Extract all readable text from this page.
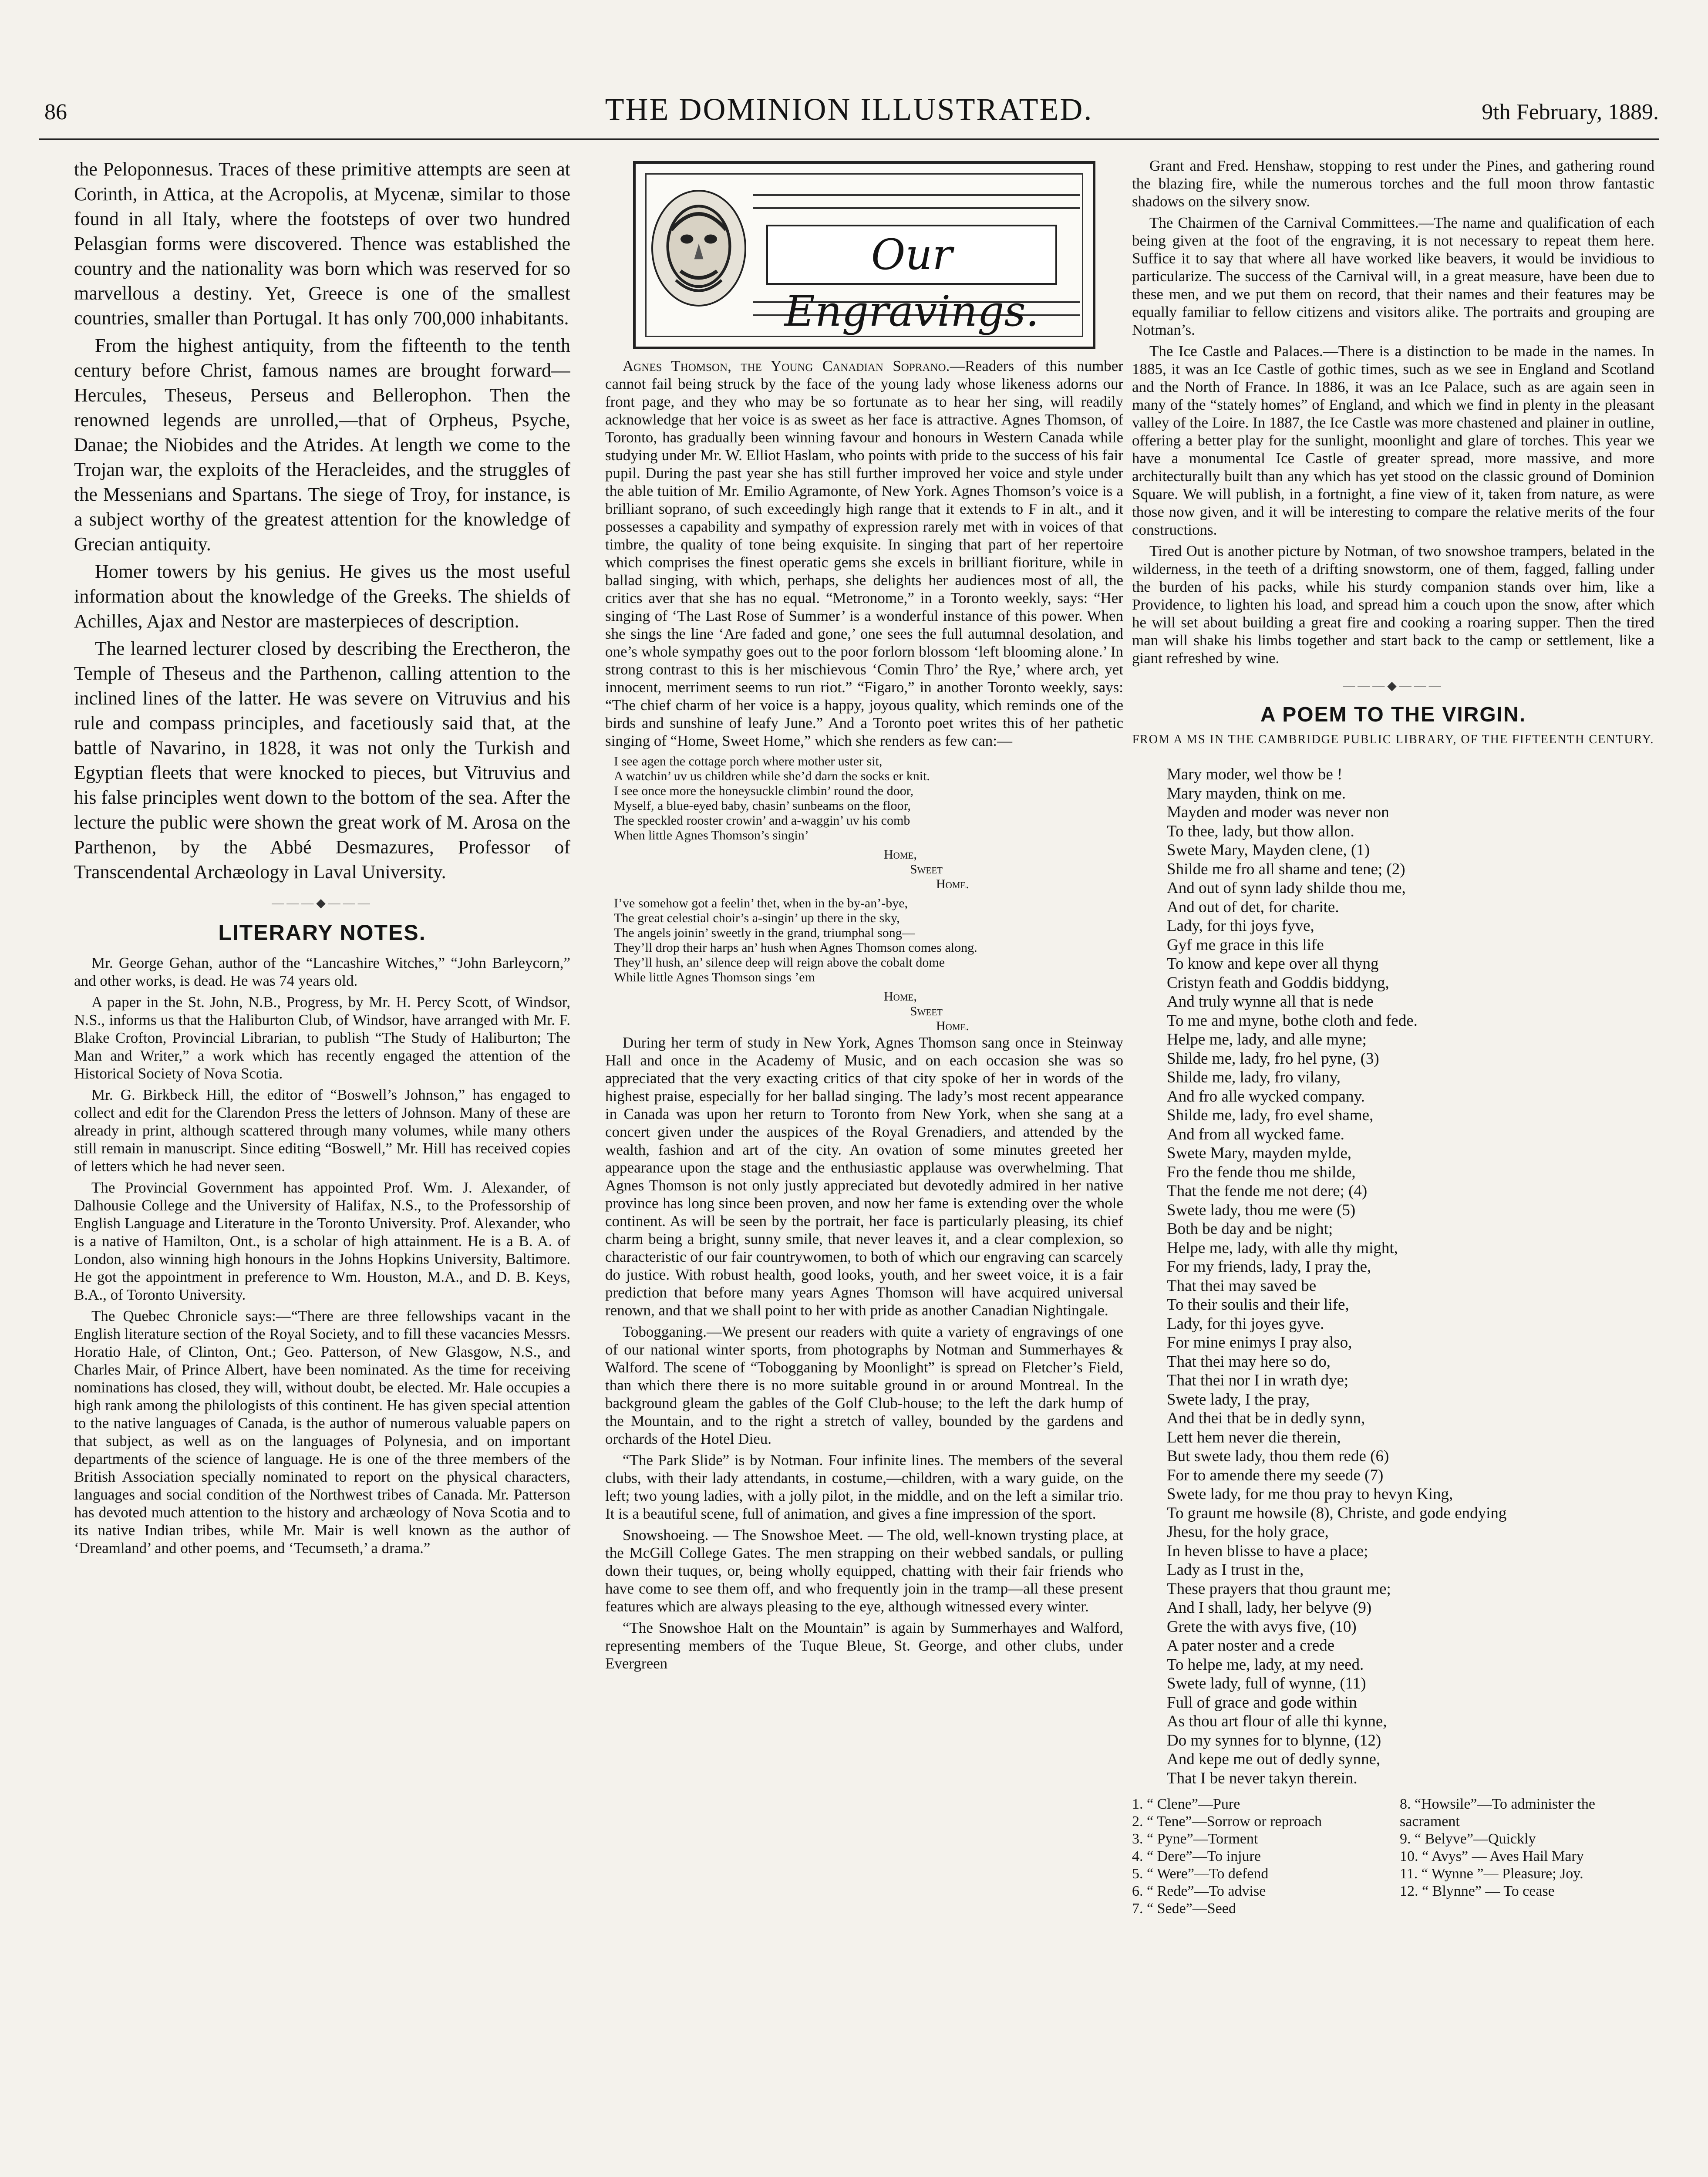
86	THE DOMINION ILLUSTRATED.	9th February, 1889.

the Peloponnesus. Traces of these primitive attempts are seen at Corinth, in Attica, at the Acropolis, at Mycenæ, similar to those found in all Italy, where the footsteps of over two hundred Pelasgian forms were discovered. Thence was established the country and the nationality was born which was reserved for so marvellous a destiny. Yet, Greece is one of the smallest countries, smaller than Portugal. It has only 700,000 inhabitants.

From the highest antiquity, from the fifteenth to the tenth century before Christ, famous names are brought forward—Hercules, Theseus, Perseus and Bellerophon. Then the renowned legends are unrolled,—that of Orpheus, Psyche, Danae; the Niobides and the Atrides. At length we come to the Trojan war, the exploits of the Heracleides, and the struggles of the Messenians and Spartans. The siege of Troy, for instance, is a subject worthy of the greatest attention for the knowledge of Grecian antiquity.

Homer towers by his genius. He gives us the most useful information about the knowledge of the Greeks. The shields of Achilles, Ajax and Nestor are masterpieces of description.

The learned lecturer closed by describing the Erectheron, the Temple of Theseus and the Parthenon, calling attention to the inclined lines of the latter. He was severe on Vitruvius and his rule and compass principles, and facetiously said that, at the battle of Navarino, in 1828, it was not only the Turkish and Egyptian fleets that were knocked to pieces, but Vitruvius and his false principles went down to the bottom of the sea. After the lecture the public were shown the great work of M. Arosa on the Parthenon, by the Abbé Desmazures, Professor of Transcendental Archæology in Laval University.

———◆———
LITERARY NOTES.

Mr. George Gehan, author of the “Lancashire Witches,” “John Barleycorn,” and other works, is dead. He was 74 years old.

A paper in the St. John, N.B., Progress, by Mr. H. Percy Scott, of Windsor, N.S., informs us that the Haliburton Club, of Windsor, have arranged with Mr. F. Blake Crofton, Provincial Librarian, to publish “The Study of Haliburton; The Man and Writer,” a work which has recently engaged the attention of the Historical Society of Nova Scotia.

Mr. G. Birkbeck Hill, the editor of “Boswell’s Johnson,” has engaged to collect and edit for the Clarendon Press the letters of Johnson. Many of these are already in print, although scattered through many volumes, while many others still remain in manuscript. Since editing “Boswell,” Mr. Hill has received copies of letters which he had never seen.

The Provincial Government has appointed Prof. Wm. J. Alexander, of Dalhousie College and the University of Halifax, N.S., to the Professorship of English Language and Literature in the Toronto University. Prof. Alexander, who is a native of Hamilton, Ont., is a scholar of high attainment. He is a B. A. of London, also winning high honours in the Johns Hopkins University, Baltimore. He got the appointment in preference to Wm. Houston, M.A., and D. B. Keys, B.A., of Toronto University.

The Quebec Chronicle says:—“There are three fellowships vacant in the English literature section of the Royal Society, and to fill these vacancies Messrs. Horatio Hale, of Clinton, Ont.; Geo. Patterson, of New Glasgow, N.S., and Charles Mair, of Prince Albert, have been nominated. As the time for receiving nominations has closed, they will, without doubt, be elected. Mr. Hale occupies a high rank among the philologists of this continent. He has given special attention to the native languages of Canada, is the author of numerous valuable papers on that subject, as well as on the languages of Polynesia, and on important departments of the science of language. He is one of the three members of the British Association specially nominated to report on the physical characters, languages and social condition of the Northwest tribes of Canada. Mr. Patterson has devoted much attention to the history and archæology of Nova Scotia and to its native Indian tribes, while Mr. Mair is well known as the author of ‘Dreamland’ and other poems, and ‘Tecumseth,’ a drama.”

Our Engravings.

Agnes Thomson, the Young Canadian Soprano.—Readers of this number cannot fail being struck by the face of the young lady whose likeness adorns our front page, and they who may be so fortunate as to hear her sing, will readily acknowledge that her voice is as sweet as her face is attractive. Agnes Thomson, of Toronto, has gradually been winning favour and honours in Western Canada while studying under Mr. W. Elliot Haslam, who points with pride to the success of his fair pupil. During the past year she has still further improved her voice and style under the able tuition of Mr. Emilio Agramonte, of New York. Agnes Thomson’s voice is a brilliant soprano, of such exceedingly high range that it extends to F in alt., and it possesses a capability and sympathy of expression rarely met with in voices of that timbre, the quality of tone being exquisite. In singing that part of her repertoire which comprises the finest operatic gems she excels in brilliant fioriture, while in ballad singing, with which, perhaps, she delights her audiences most of all, the critics aver that she has no equal. “Metronome,” in a Toronto weekly, says: “Her singing of ‘The Last Rose of Summer’ is a wonderful instance of this power. When she sings the line ‘Are faded and gone,’ one sees the full autumnal desolation, and one’s whole sympathy goes out to the poor forlorn blossom ‘left blooming alone.’ In strong contrast to this is her mischievous ‘Comin Thro’ the Rye,’ where arch, yet innocent, merriment seems to run riot.” “Figaro,” in another Toronto weekly, says: “The chief charm of her voice is a happy, joyous quality, which reminds one of the birds and sunshine of leafy June.” And a Toronto poet writes this of her pathetic singing of “Home, Sweet Home,” which she renders as few can:—

I see agen the cottage porch where mother uster sit,
A watchin’ uv us children while she’d darn the socks er knit.
I see once more the honeysuckle climbin’ round the door,
Myself, a blue-eyed baby, chasin’ sunbeams on the floor,
The speckled rooster crowin’ and a-waggin’ uv his comb
When little Agnes Thomson’s singin’
Home,
Sweet
Home.
I’ve somehow got a feelin’ thet, when in the by-an’-bye,
The great celestial choir’s a-singin’ up there in the sky,
The angels joinin’ sweetly in the grand, triumphal song—
They’ll drop their harps an’ hush when Agnes Thomson comes along.
They’ll hush, an’ silence deep will reign above the cobalt dome
While little Agnes Thomson sings ’em
Home,
Sweet
Home.

During her term of study in New York, Agnes Thomson sang once in Steinway Hall and once in the Academy of Music, and on each occasion she was so appreciated that the very exacting critics of that city spoke of her in words of the highest praise, especially for her ballad singing. The lady’s most recent appearance in Canada was upon her return to Toronto from New York, when she sang at a concert given under the auspices of the Royal Grenadiers, and attended by the wealth, fashion and art of the city. An ovation of some minutes greeted her appearance upon the stage and the enthusiastic applause was overwhelming. That Agnes Thomson is not only justly appreciated but devotedly admired in her native province has long since been proven, and now her fame is extending over the whole continent. As will be seen by the portrait, her face is particularly pleasing, its chief charm being a bright, sunny smile, that never leaves it, and a clear complexion, so characteristic of our fair countrywomen, to both of which our engraving can scarcely do justice. With robust health, good looks, youth, and her sweet voice, it is a fair prediction that before many years Agnes Thomson will have acquired universal renown, and that we shall point to her with pride as another Canadian Nightingale.

Tobogganing.—We present our readers with quite a variety of engravings of one of our national winter sports, from photographs by Notman and Summerhayes & Walford. The scene of “Tobogganing by Moonlight” is spread on Fletcher’s Field, than which there there is no more suitable ground in or around Montreal. In the background gleam the gables of the Golf Club-house; to the left the dark hump of the Mountain, and to the right a stretch of valley, bounded by the gardens and orchards of the Hotel Dieu.

“The Park Slide” is by Notman. Four infinite lines. The members of the several clubs, with their lady attendants, in costume,—children, with a wary guide, on the left; two young ladies, with a jolly pilot, in the middle, and on the left a similar trio. It is a beautiful scene, full of animation, and gives a fine impression of the sport.

Snowshoeing. — The Snowshoe Meet. — The old, well-known trysting place, at the McGill College Gates. The men strapping on their webbed sandals, or pulling down their tuques, or, being wholly equipped, chatting with their fair friends who have come to see them off, and who frequently join in the tramp—all these present features which are always pleasing to the eye, although witnessed every winter.

“The Snowshoe Halt on the Mountain” is again by Summerhayes and Walford, representing members of the Tuque Bleue, St. George, and other clubs, under Evergreen

Grant and Fred. Henshaw, stopping to rest under the Pines, and gathering round the blazing fire, while the numerous torches and the full moon throw fantastic shadows on the silvery snow.

The Chairmen of the Carnival Committees.—The name and qualification of each being given at the foot of the engraving, it is not necessary to repeat them here. Suffice it to say that where all have worked like beavers, it would be invidious to particularize. The success of the Carnival will, in a great measure, have been due to these men, and we put them on record, that their names and their features may be equally familiar to fellow citizens and visitors alike. The portraits and grouping are Notman’s.

The Ice Castle and Palaces.—There is a distinction to be made in the names. In 1885, it was an Ice Castle of gothic times, such as we see in England and Scotland and the North of France. In 1886, it was an Ice Palace, such as are again seen in many of the “stately homes” of England, and which we find in plenty in the pleasant valley of the Loire. In 1887, the Ice Castle was more chastened and plainer in outline, offering a better play for the sunlight, moonlight and glare of torches. This year we have a monumental Ice Castle of greater spread, more massive, and more architecturally built than any which has yet stood on the classic ground of Dominion Square. We will publish, in a fortnight, a fine view of it, taken from nature, as were those now given, and it will be interesting to compare the relative merits of the four constructions.

Tired Out is another picture by Notman, of two snowshoe trampers, belated in the wilderness, in the teeth of a drifting snowstorm, one of them, fagged, falling under the burden of his packs, while his sturdy companion stands over him, like a Providence, to lighten his load, and spread him a couch upon the snow, after which he will set about building a great fire and cooking a roaring supper. Then the tired man will shake his limbs together and start back to the camp or settlement, like a giant refreshed by wine.

———◆———
A POEM TO THE VIRGIN.
FROM A MS IN THE CAMBRIDGE PUBLIC LIBRARY, OF THE FIFTEENTH CENTURY.
Mary moder, wel thow be !
Mary mayden, think on me.
Mayden and moder was never non
To thee, lady, but thow allon.
Swete Mary, Mayden clene, (1)
Shilde me fro all shame and tene; (2)
And out of synn lady shilde thou me,
And out of det, for charite.
Lady, for thi joys fyve,
Gyf me grace in this life
To know and kepe over all thyng
Cristyn feath and Goddis biddyng,
And truly wynne all that is nede
To me and myne, bothe cloth and fede.
Helpe me, lady, and alle myne;
Shilde me, lady, fro hel pyne, (3)
Shilde me, lady, fro vilany,
And fro alle wycked company.
Shilde me, lady, fro evel shame,
And from all wycked fame.
Swete Mary, mayden mylde,
Fro the fende thou me shilde,
That the fende me not dere; (4)
Swete lady, thou me were (5)
Both be day and be night;
Helpe me, lady, with alle thy might,
For my friends, lady, I pray the,
That thei may saved be
To their soulis and their life,
Lady, for thi joyes gyve.
For mine enimys I pray also,
That thei may here so do,
That thei nor I in wrath dye;
Swete lady, I the pray,
And thei that be in dedly synn,
Lett hem never die therein,
But swete lady, thou them rede (6)
For to amende there my seede (7)
Swete lady, for me thou pray to hevyn King,
To graunt me howsile (8), Christe, and gode endying
Jhesu, for the holy grace,
In heven blisse to have a place;
Lady as I trust in the,
These prayers that thou graunt me;
And I shall, lady, her belyve (9)
Grete the with avys five, (10)
A pater noster and a crede
To helpe me, lady, at my need.
Swete lady, full of wynne, (11)
Full of grace and gode within
As thou art flour of alle thi kynne,
Do my synnes for to blynne, (12)
And kepe me out of dedly synne,
That I be never takyn therein.
1. “ Clene”—Pure
2. “ Tene”—Sorrow or reproach
3. “ Pyne”—Torment
4. “ Dere”—To injure
5. “ Were”—To defend
6. “ Rede”—To advise
7. “ Sede”—Seed
8. “Howsile”—To administer the sacrament
9. “ Belyve”—Quickly
10. “ Avys” — Aves Hail Mary
11. “ Wynne ”— Pleasure; Joy.
12. “ Blynne” — To cease
